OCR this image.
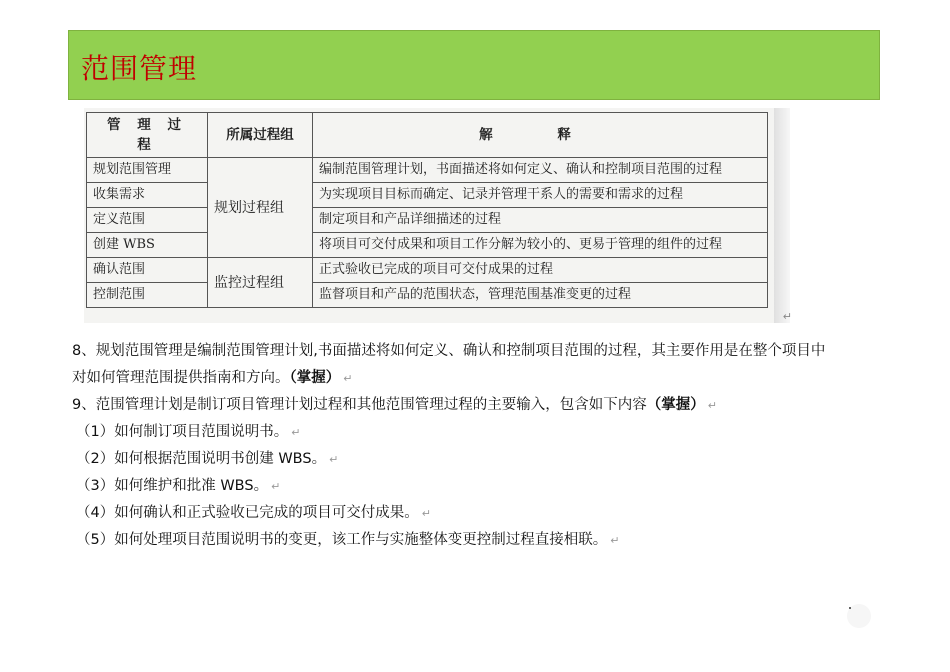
范围管理
管 理 过 程	所属过程组	解 释
规划范围管理	规划过程组	编制范围管理计划，书面描述将如何定义、确认和控制项目范围的过程
收集需求		为实现项目目标而确定、记录并管理干系人的需要和需求的过程
定义范围		制定项目和产品详细描述的过程
创建 WBS		将项目可交付成果和项目工作分解为较小的、更易于管理的组件的过程
确认范围	监控过程组	正式验收已完成的项目可交付成果的过程
控制范围		监督项目和产品的范围状态，管理范围基准变更的过程
↵

8、规划范围管理是编制范围管理计划,书面描述将如何定义、确认和控制项目范围的过程，其主要作用是在整个项目中对如何管理范围提供指南和方向。（掌握） ↵

9、范围管理计划是制订项目管理计划过程和其他范围管理过程的主要输入，包含如下内容（掌握） ↵

（1）如何制订项目范围说明书。 ↵

（2）如何根据范围说明书创建 WBS。 ↵

（3）如何维护和批准 WBS。 ↵

（4）如何确认和正式验收已完成的项目可交付成果。 ↵

（5）如何处理项目范围说明书的变更，该工作与实施整体变更控制过程直接相联。 ↵
